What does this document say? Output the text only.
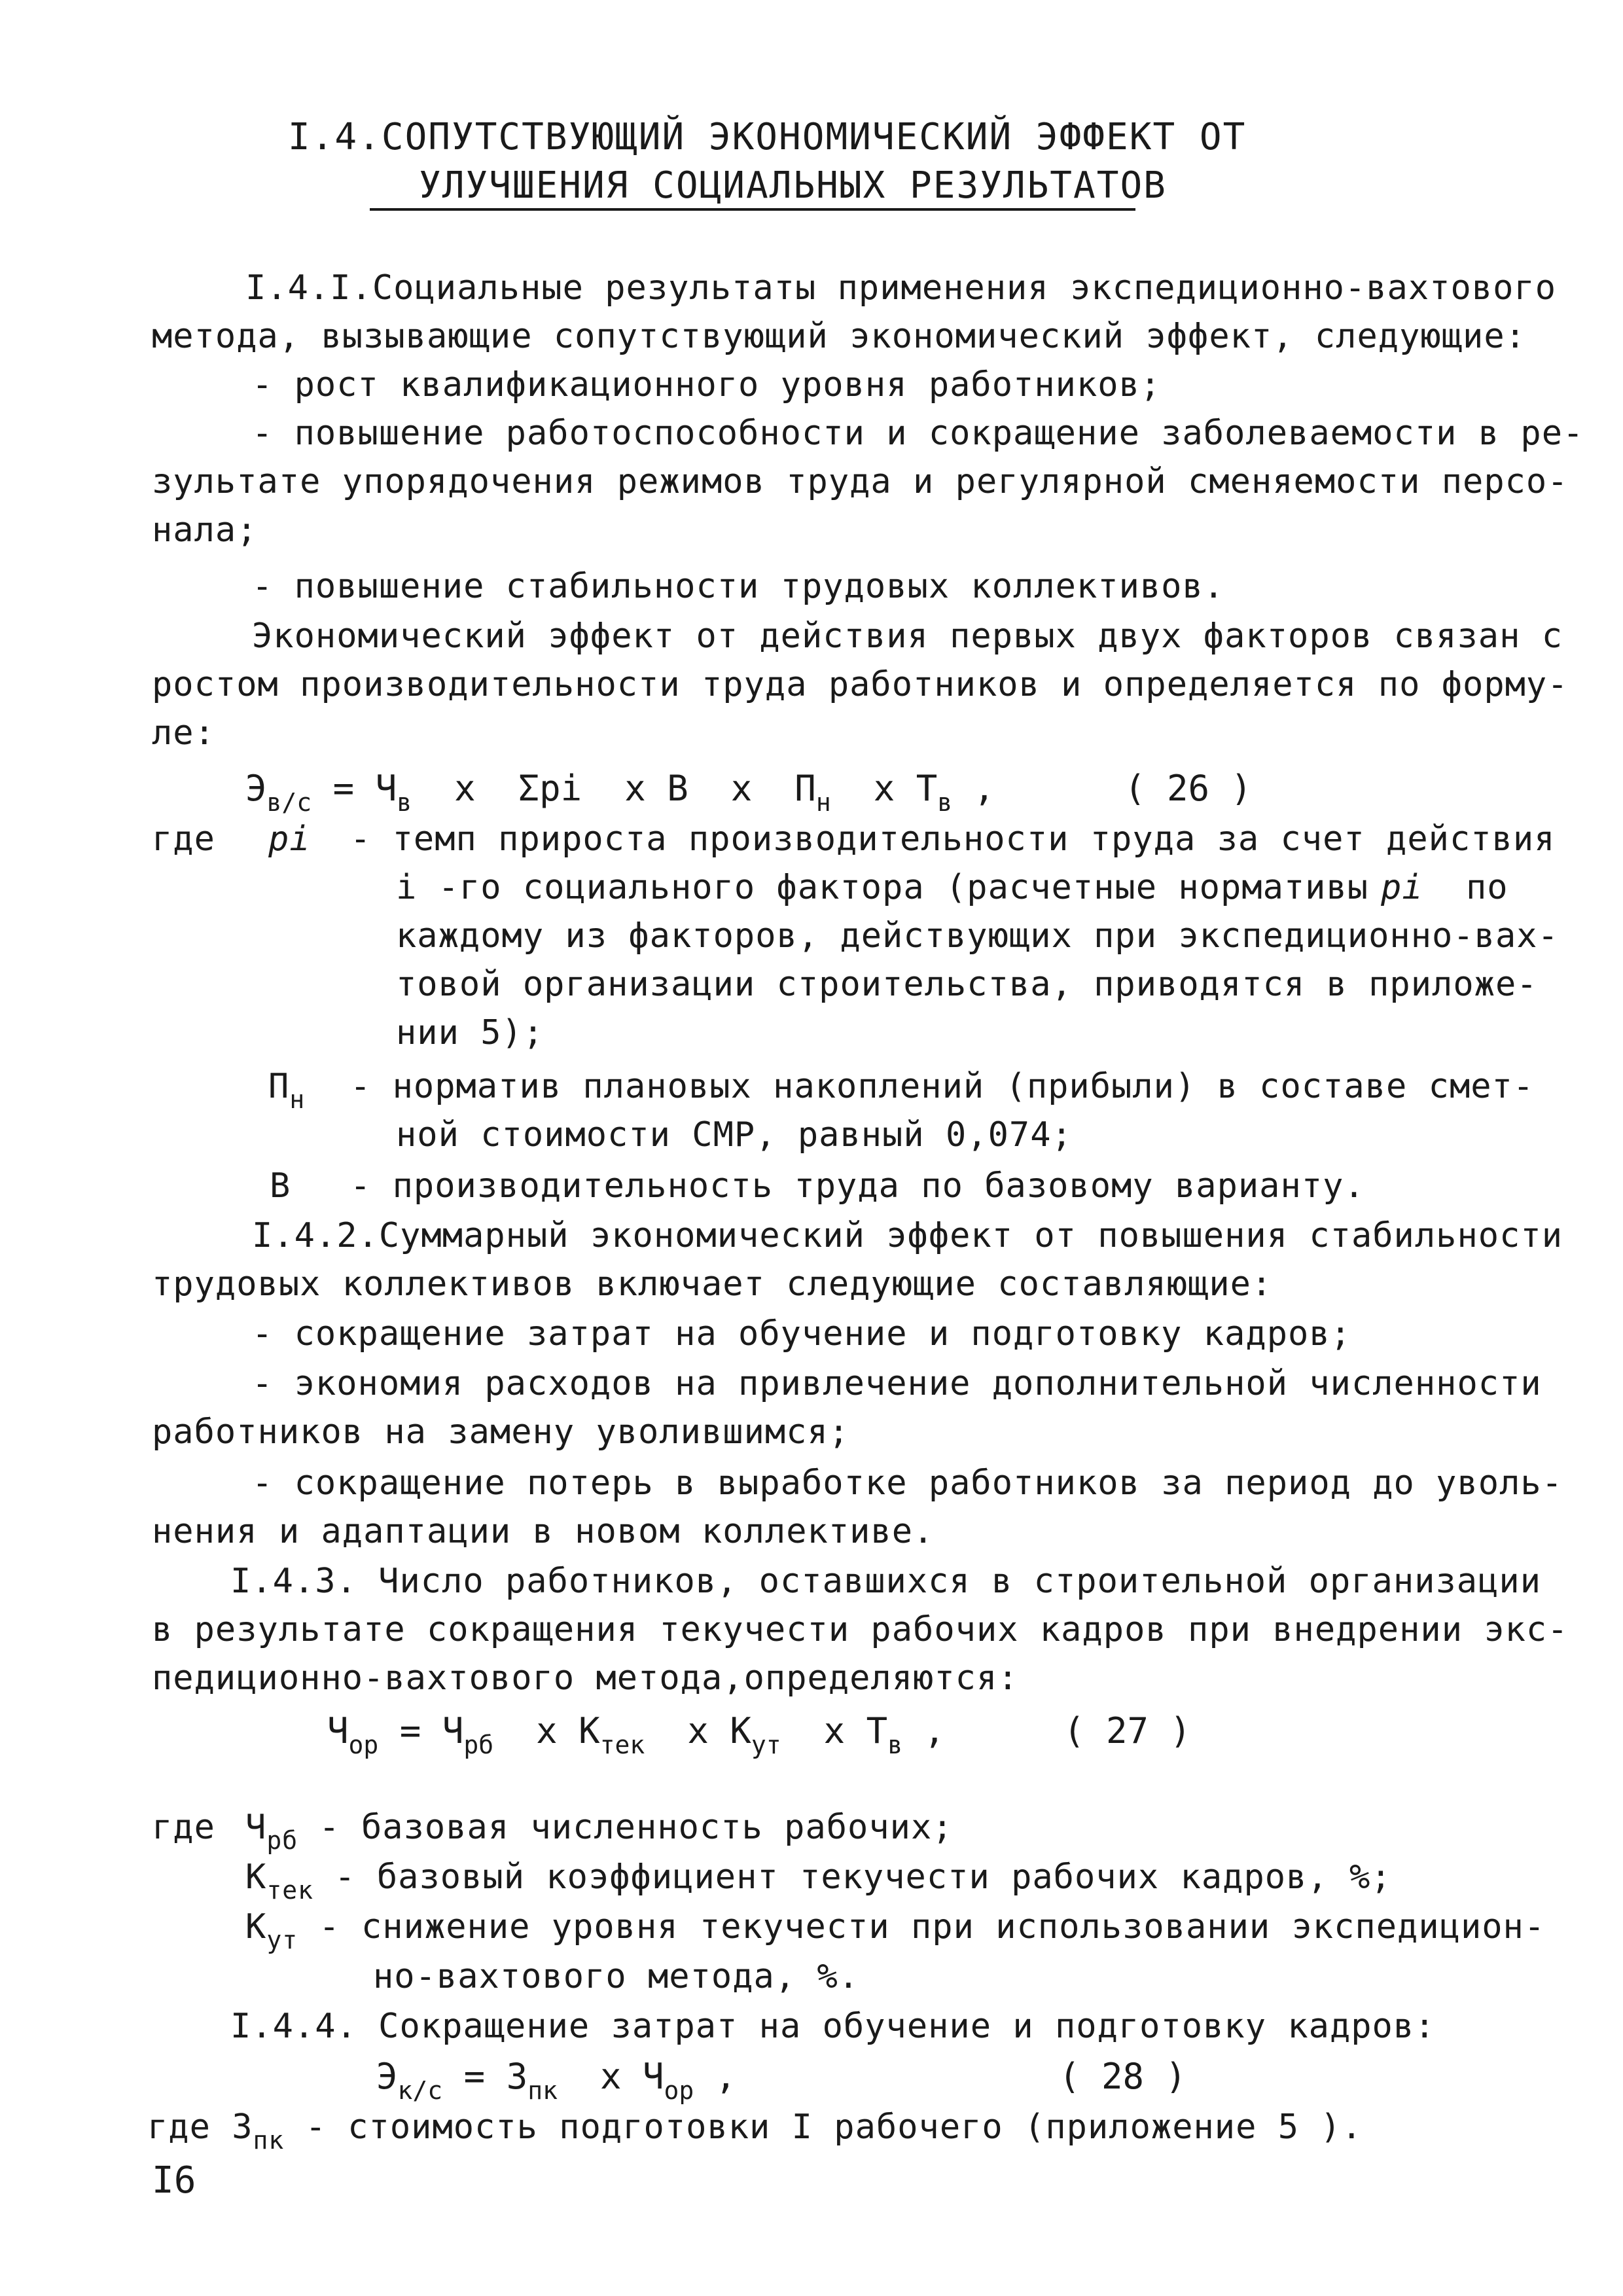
I.4.СОПУТСТВУЮЩИЙ ЭКОНОМИЧЕСКИЙ ЭФФЕКТ ОТ
УЛУЧШЕНИЯ СОЦИАЛЬНЫХ РЕЗУЛЬТАТОВ
I.4.I.Социальные результаты применения экспедиционно-вахтового
метода, вызывающие сопутствующий экономический эффект, следующие:
- рост квалификационного уровня работников;
- повышение работоспособности и сокращение заболеваемости в ре-
зультате упорядочения режимов труда и регулярной сменяемости персо-
нала;
- повышение стабильности трудовых коллективов.
Экономический эффект от действия первых двух факторов связан с
ростом производительности труда работников и определяется по форму-
ле:
$Э_{в/с} = Ч_в$  x  Σpi  x В  x  $П_н$  x $Т_в$ ,	( 26 )
где pi - темп прироста производительности труда за счет действия
i -го социального фактора (расчетные нормативы pi по
каждому из факторов, действующих при экспедиционно-вах-
товой организации строительства, приводятся в приложе-
нии 5);
$П_н$ - норматив плановых накоплений (прибыли) в составе смет-
ной стоимости СМР, равный 0,074;
В - производительность труда по базовому варианту.
I.4.2.Суммарный экономический эффект от повышения стабильности
трудовых коллективов включает следующие составляющие:
- сокращение затрат на обучение и подготовку кадров;
- экономия расходов на привлечение дополнительной численности
работников на замену уволившимся;
- сокращение потерь в выработке работников за период до уволь-
нения и адаптации в новом коллективе.
I.4.3. Число работников, оставшихся в строительной организации
в результате сокращения текучести рабочих кадров при внедрении экс-
педиционно-вахтового метода,определяются:
$Ч_{ор} = Ч_{рб}$  x $К_{тек}$  x $К_{ут}$  x $Т_в$ ,	( 27 )
где $Ч_{рб}$ - базовая численность рабочих;
$К_{тек}$ - базовый коэффициент текучести рабочих кадров, %;
$К_{ут}$ - снижение уровня текучести при использовании экспедицион-
но-вахтового метода, %.
I.4.4. Сокращение затрат на обучение и подготовку кадров:
$Э_{к/с} = З_{пк}$  x $Ч_{ор}$ ,	( 28 )
где $З_{пк}$ - стоимость подготовки I рабочего (приложение 5 ).
I6
